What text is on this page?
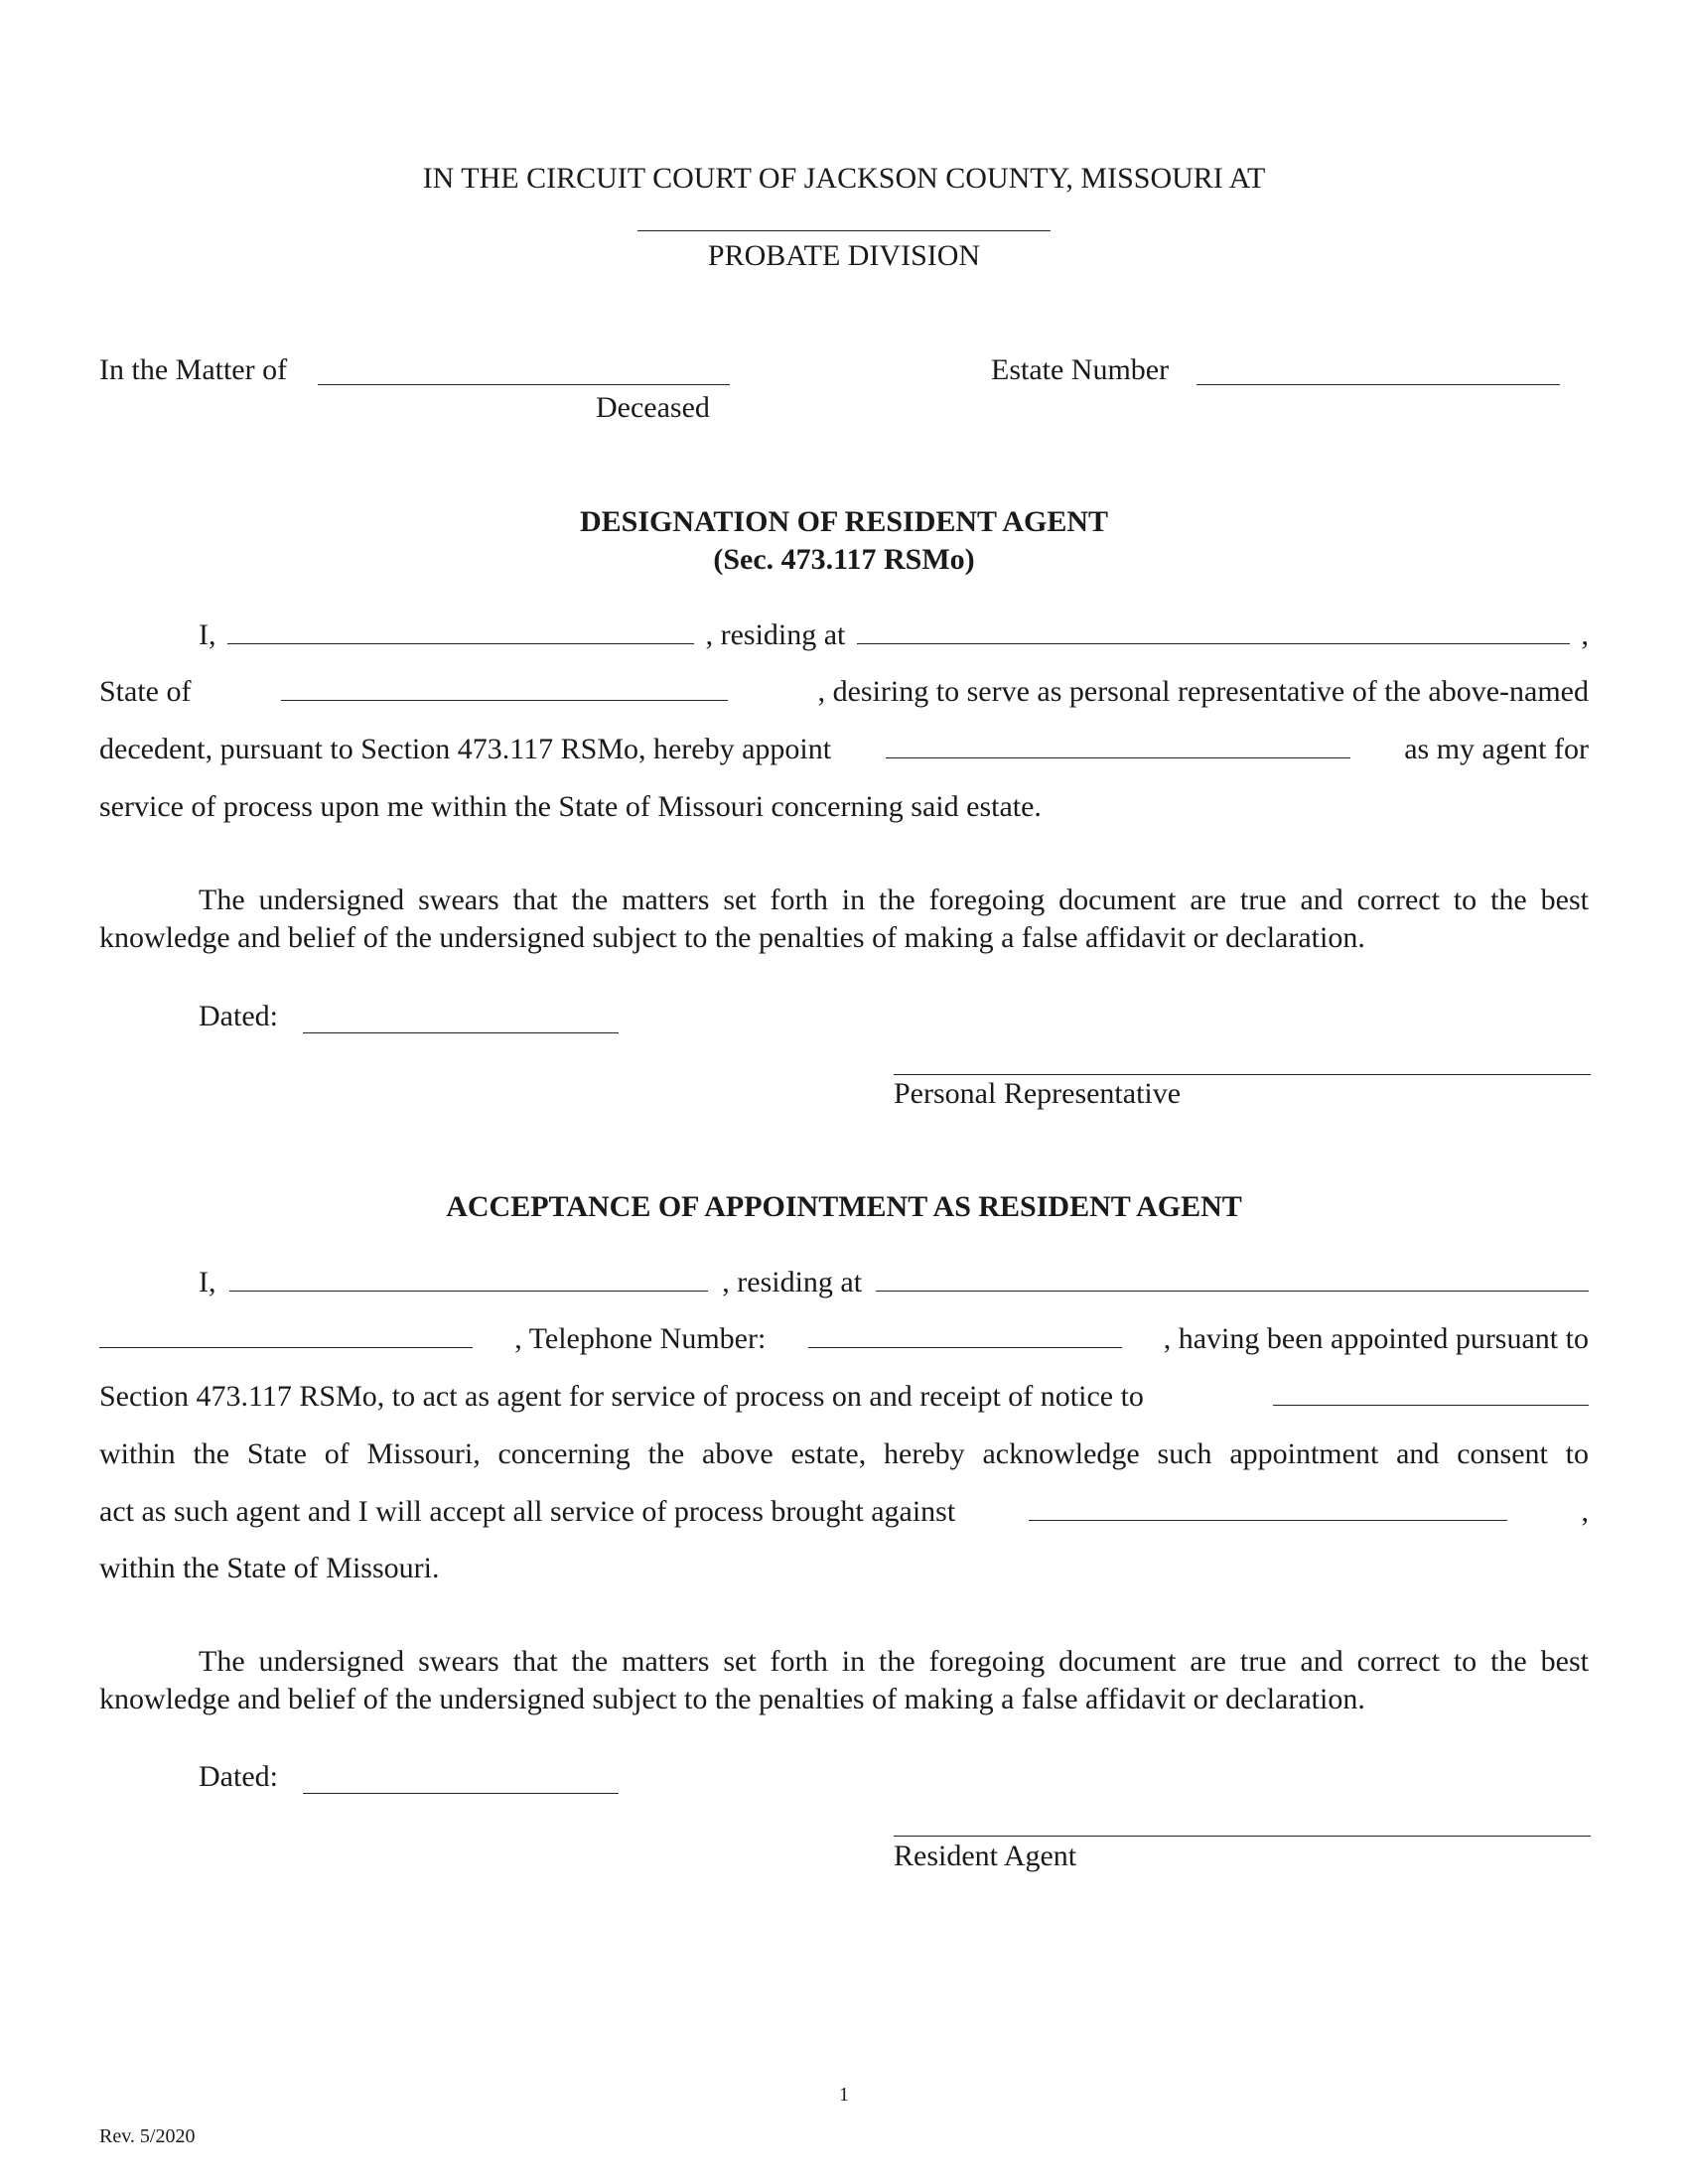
IN THE CIRCUIT COURT OF JACKSON COUNTY, MISSOURI AT
PROBATE DIVISION
In the Matter of
Deceased
Estate Number
DESIGNATION OF RESIDENT AGENT
(Sec. 473.117 RSMo)
I,	, residing at	,
State of	, desiring to serve as personal representative of the above-named
decedent, pursuant to Section 473.117 RSMo, hereby appoint	as my agent for
service of process upon me within the State of Missouri concerning said estate.
The undersigned swears that the matters set forth in the foregoing document are true and correct to the best knowledge and belief of the undersigned subject to the penalties of making a false affidavit or declaration.
Dated:
Personal Representative
ACCEPTANCE OF APPOINTMENT AS RESIDENT AGENT
I,	, residing at
, Telephone Number:	, having been appointed pursuant to
Section 473.117 RSMo, to act as agent for service of process on and receipt of notice to
within the State of Missouri, concerning the above estate, hereby acknowledge such appointment and consent to
act as such agent and I will accept all service of process brought against	,
within the State of Missouri.
The undersigned swears that the matters set forth in the foregoing document are true and correct to the best knowledge and belief of the undersigned subject to the penalties of making a false affidavit or declaration.
Dated:
Resident Agent
1
Rev. 5/2020
